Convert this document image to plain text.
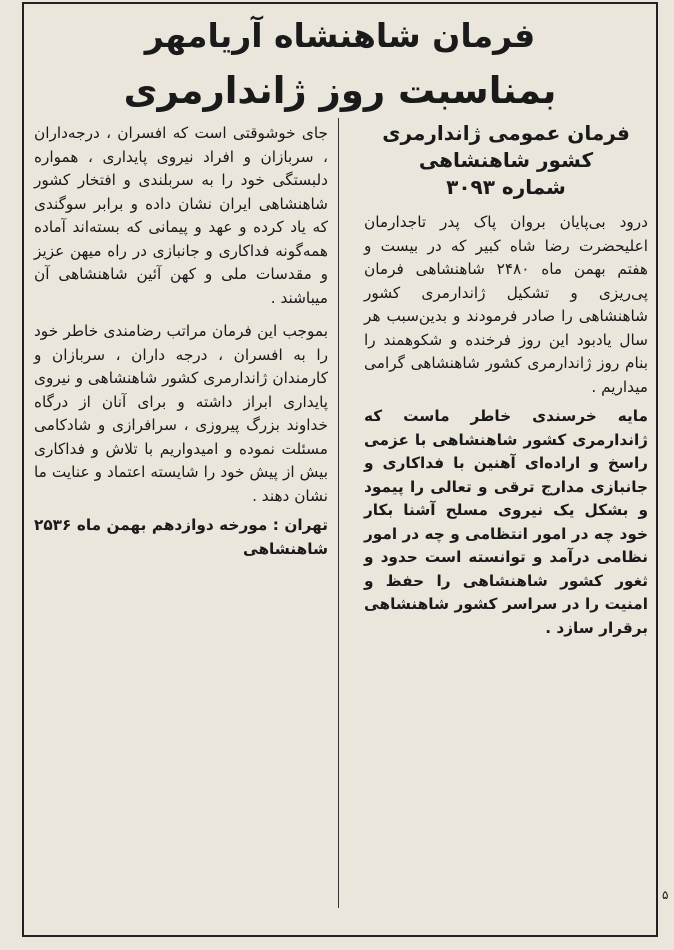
فرمان شاهنشاه آریامهر
بمناسبت روز ژاندارمری

فرمان عمومی ژاندارمری

کشور شاهنشاهی

شماره ۳۰۹۳

درود بی‌پایان بروان پاک پدر تاجدارمان اعلیحضرت رضا شاه کبیر که در بیست و هفتم بهمن ماه ۲۴۸۰ شاهنشاهی فرمان پی‌ریزی و تشکیل ژاندارمری کشور شاهنشاهی را صادر فرمودند و بدین‌سبب هر سال یادبود این روز فرخنده و شکوهمند را بنام روز ژاندارمری کشور شاهنشاهی گرامی میداریم .

مایه خرسندی خاطر ماست که ژاندارمری کشور شاهنشاهی با عزمی راسخ و اراده‌ای آهنین با فداکاری و جانبازی مدارج ترقی و تعالی را پیمود و بشکل یک نیروی مسلح آشنا بکار خود چه در امور انتظامی و چه در امور نظامی درآمد و توانسته است حدود و ثغور کشور شاهنشاهی را حفظ و امنیت را در سراسر کشور شاهنشاهی برقرار سازد .

جای خوشوقتی است که افسران ، درجه‌داران ، سربازان و افراد نیروی پایداری ، همواره دلبستگی خود را به سربلندی و افتخار کشور شاهنشاهی ایران نشان داده و برابر سوگندی که یاد کرده و عهد و پیمانی که بسته‌اند آماده همه‌گونه فداکاری و جانبازی در راه میهن عزیز و مقدسات ملی و کهن آئین شاهنشاهی آن میباشند .

بموجب این فرمان مراتب رضامندی خاطر خود را به افسران ، درجه داران ، سربازان و کارمندان ژاندارمری کشور شاهنشاهی و نیروی پایداری ابراز داشته و برای آنان از درگاه خداوند بزرگ پیروزی ، سرافرازی و شادکامی مسئلت نموده و امیدواریم با تلاش و فداکاری بیش از پیش خود را شایسته اعتماد و عنایت ما نشان دهند .

تهران : مورخه دوازدهم بهمن ماه ۲۵۳۶ شاهنشاهی

۵
